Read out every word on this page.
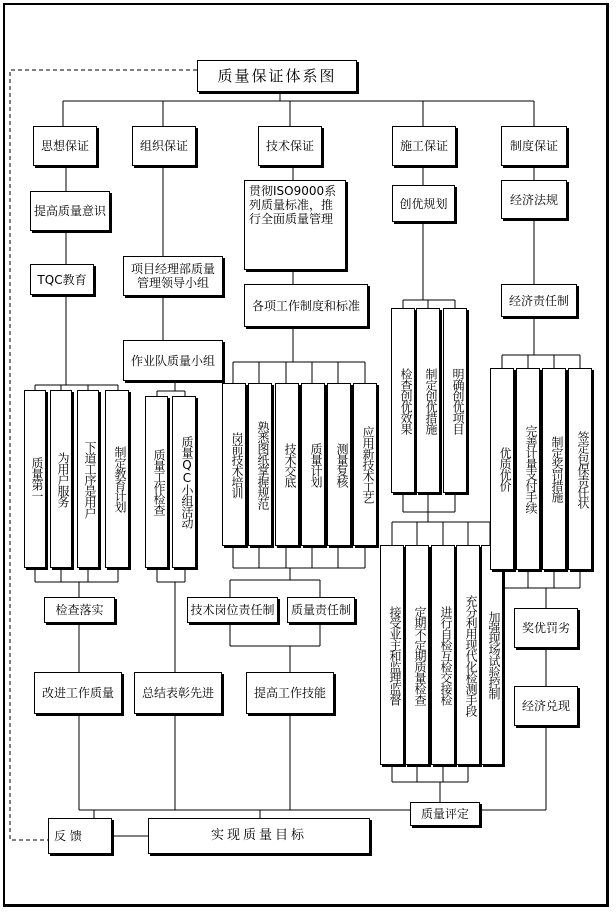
质量保证体系图
思想保证	组织保证	技术保证	施工保证	制度保证
提高质量意识
TQC教育
质量第一	为用户服务	下道工序是用户	制定教育计划
检查落实
改进工作质量
项目经理部质量管理领导小组
作业队质量小组
质量工作检查	质量QC小组活动
总结表彰先进
贯彻ISO9000系列质量标准，推行全面质量管理
各项工作制度和标准
岗前技术培训	熟悉图纸掌握规范	技术交底	质量计划	测量复核	应用新技术工艺
技术岗位责任制	质量责任制
提高工作技能
创优规划
检查创优效果 制定创优措施	明确创优项目
接受业主和监理监督 定期不定期质量检查	进行自检互检交接检 充分利用现代化检测手段 加强现场试验控制
经济法规
经济责任制
优质优价	完善计量支付手续	制定奖罚措施	签定包保责任状
奖优罚劣
经济兑现
质量评定
反 馈	实现质量目标
